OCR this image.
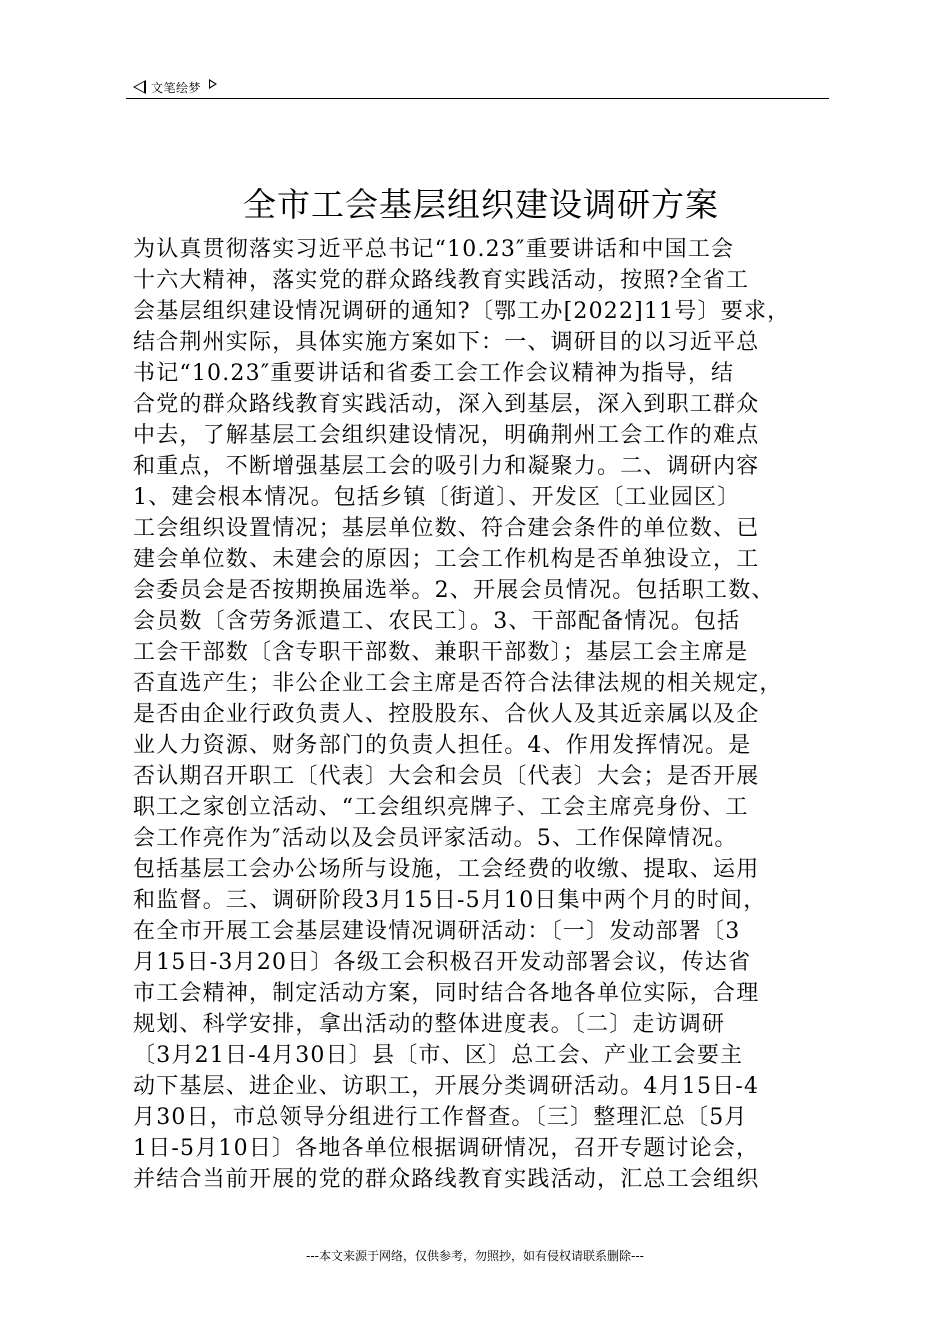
文笔绘梦
全市工会基层组织建设调研方案
为认真贯彻落实习近平总书记“10.23″重要讲话和中国工会
十六大精神，落实党的群众路线教育实践活动，按照?全省工
会基层组织建设情况调研的通知?〔鄂工办[2022]11号〕要求，
结合荆州实际，具体实施方案如下：一、调研目的以习近平总
书记“10.23″重要讲话和省委工会工作会议精神为指导，结
合党的群众路线教育实践活动，深入到基层，深入到职工群众
中去，了解基层工会组织建设情况，明确荆州工会工作的难点
和重点，不断增强基层工会的吸引力和凝聚力。二、调研内容
1、建会根本情况。包括乡镇〔街道〕、开发区〔工业园区〕
工会组织设置情况；基层单位数、符合建会条件的单位数、已
建会单位数、未建会的原因；工会工作机构是否单独设立，工
会委员会是否按期换届选举。2、开展会员情况。包括职工数、
会员数〔含劳务派遣工、农民工〕。3、干部配备情况。包括
工会干部数〔含专职干部数、兼职干部数〕；基层工会主席是
否直选产生；非公企业工会主席是否符合法律法规的相关规定，
是否由企业行政负责人、控股股东、合伙人及其近亲属以及企
业人力资源、财务部门的负责人担任。4、作用发挥情况。是
否认期召开职工〔代表〕大会和会员〔代表〕大会；是否开展
职工之家创立活动、“工会组织亮牌子、工会主席亮身份、工
会工作亮作为″活动以及会员评家活动。5、工作保障情况。
包括基层工会办公场所与设施，工会经费的收缴、提取、运用
和监督。三、调研阶段3月15日-5月10日集中两个月的时间，
在全市开展工会基层建设情况调研活动：〔一〕发动部署〔3
月15日-3月20日〕各级工会积极召开发动部署会议，传达省
市工会精神，制定活动方案，同时结合各地各单位实际，合理
规划、科学安排，拿出活动的整体进度表。〔二〕走访调研
〔3月21日-4月30日〕县〔市、区〕总工会、产业工会要主
动下基层、进企业、访职工，开展分类调研活动。4月15日-4
月30日，市总领导分组进行工作督查。〔三〕整理汇总〔5月
1日-5月10日〕各地各单位根据调研情况，召开专题讨论会，
并结合当前开展的党的群众路线教育实践活动，汇总工会组织
---本文来源于网络，仅供参考，勿照抄，如有侵权请联系删除---
